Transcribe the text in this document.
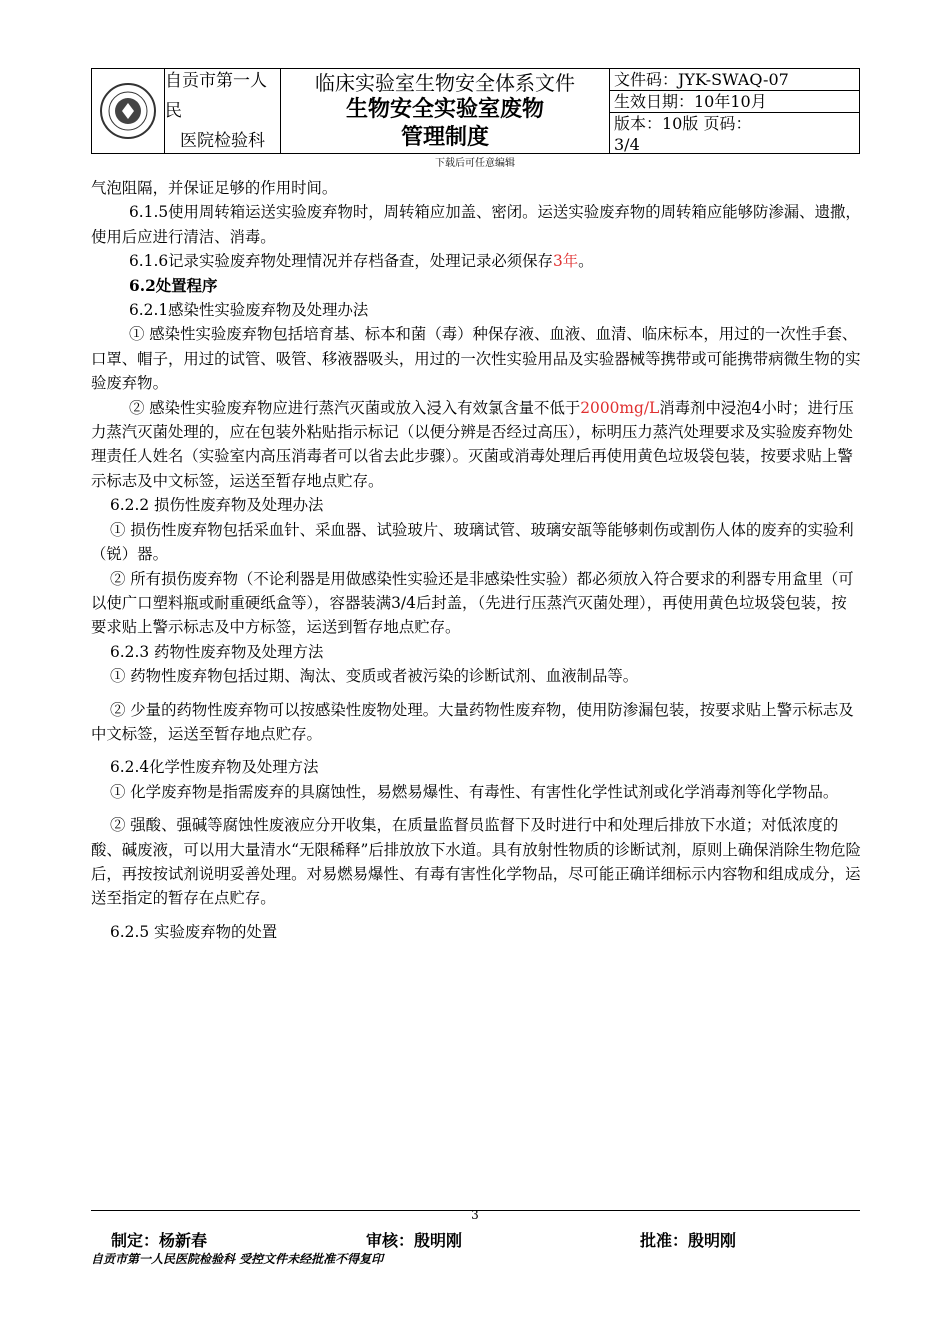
自贡市第一人民
医院检验科
临床实验室生物安全体系文件
生物安全实验室废物
管理制度
文件码：JYK-SWAQ-07
生效日期：10年10月
版本：10版 页码：
3/4
下载后可任意编辑

气泡阻隔，并保证足够的作用时间。

6.1.5使用周转箱运送实验废弃物时，周转箱应加盖、密闭。运送实验废弃物的周转箱应能够防渗漏、遗撒，使用后应进行清洁、消毒。

6.1.6记录实验废弃物处理情况并存档备查，处理记录必须保存3年。

6.2处置程序

6.2.1感染性实验废弃物及处理办法

① 感染性实验废弃物包括培育基、标本和菌（毒）种保存液、血液、血清、临床标本，用过的一次性手套、口罩、帽子，用过的试管、吸管、移液器吸头，用过的一次性实验用品及实验器械等携带或可能携带病微生物的实验废弃物。

② 感染性实验废弃物应进行蒸汽灭菌或放入浸入有效氯含量不低于2000mg/L消毒剂中浸泡4小时；进行压力蒸汽灭菌处理的，应在包装外粘贴指示标记（以便分辨是否经过高压），标明压力蒸汽处理要求及实验废弃物处理责任人姓名（实验室内高压消毒者可以省去此步骤）。灭菌或消毒处理后再使用黄色垃圾袋包装，按要求贴上警示标志及中文标签，运送至暂存地点贮存。

6.2.2 损伤性废弃物及处理办法

① 损伤性废弃物包括采血针、采血器、试验玻片、玻璃试管、玻璃安瓿等能够刺伤或割伤人体的废弃的实验利（锐）器。

② 所有损伤废弃物（不论利器是用做感染性实验还是非感染性实验）都必须放入符合要求的利器专用盒里（可以使广口塑料瓶或耐重硬纸盒等），容器装满3/4后封盖，（先进行压蒸汽灭菌处理），再使用黄色垃圾袋包装，按要求贴上警示标志及中方标签，运送到暂存地点贮存。

6.2.3 药物性废弃物及处理方法

① 药物性废弃物包括过期、淘汰、变质或者被污染的诊断试剂、血液制品等。

② 少量的药物性废弃物可以按感染性废物处理。大量药物性废弃物，使用防渗漏包装，按要求贴上警示标志及中文标签，运送至暂存地点贮存。

6.2.4化学性废弃物及处理方法

① 化学废弃物是指需废弃的具腐蚀性，易燃易爆性、有毒性、有害性化学性试剂或化学消毒剂等化学物品。

② 强酸、强碱等腐蚀性废液应分开收集，在质量监督员监督下及时进行中和处理后排放下水道；对低浓度的酸、碱废液，可以用大量清水“无限稀释”后排放放下水道。具有放射性物质的诊断试剂，原则上确保消除生物危险后，再按按试剂说明妥善处理。对易燃易爆性、有毒有害性化学物品，尽可能正确详细标示内容物和组成成分，运送至指定的暂存在点贮存。

6.2.5 实验废弃物的处置

3
制定：杨新春	审核：殷明刚	批准：殷明刚
自贡市第一人民医院检验科 受控文件未经批准不得复印
